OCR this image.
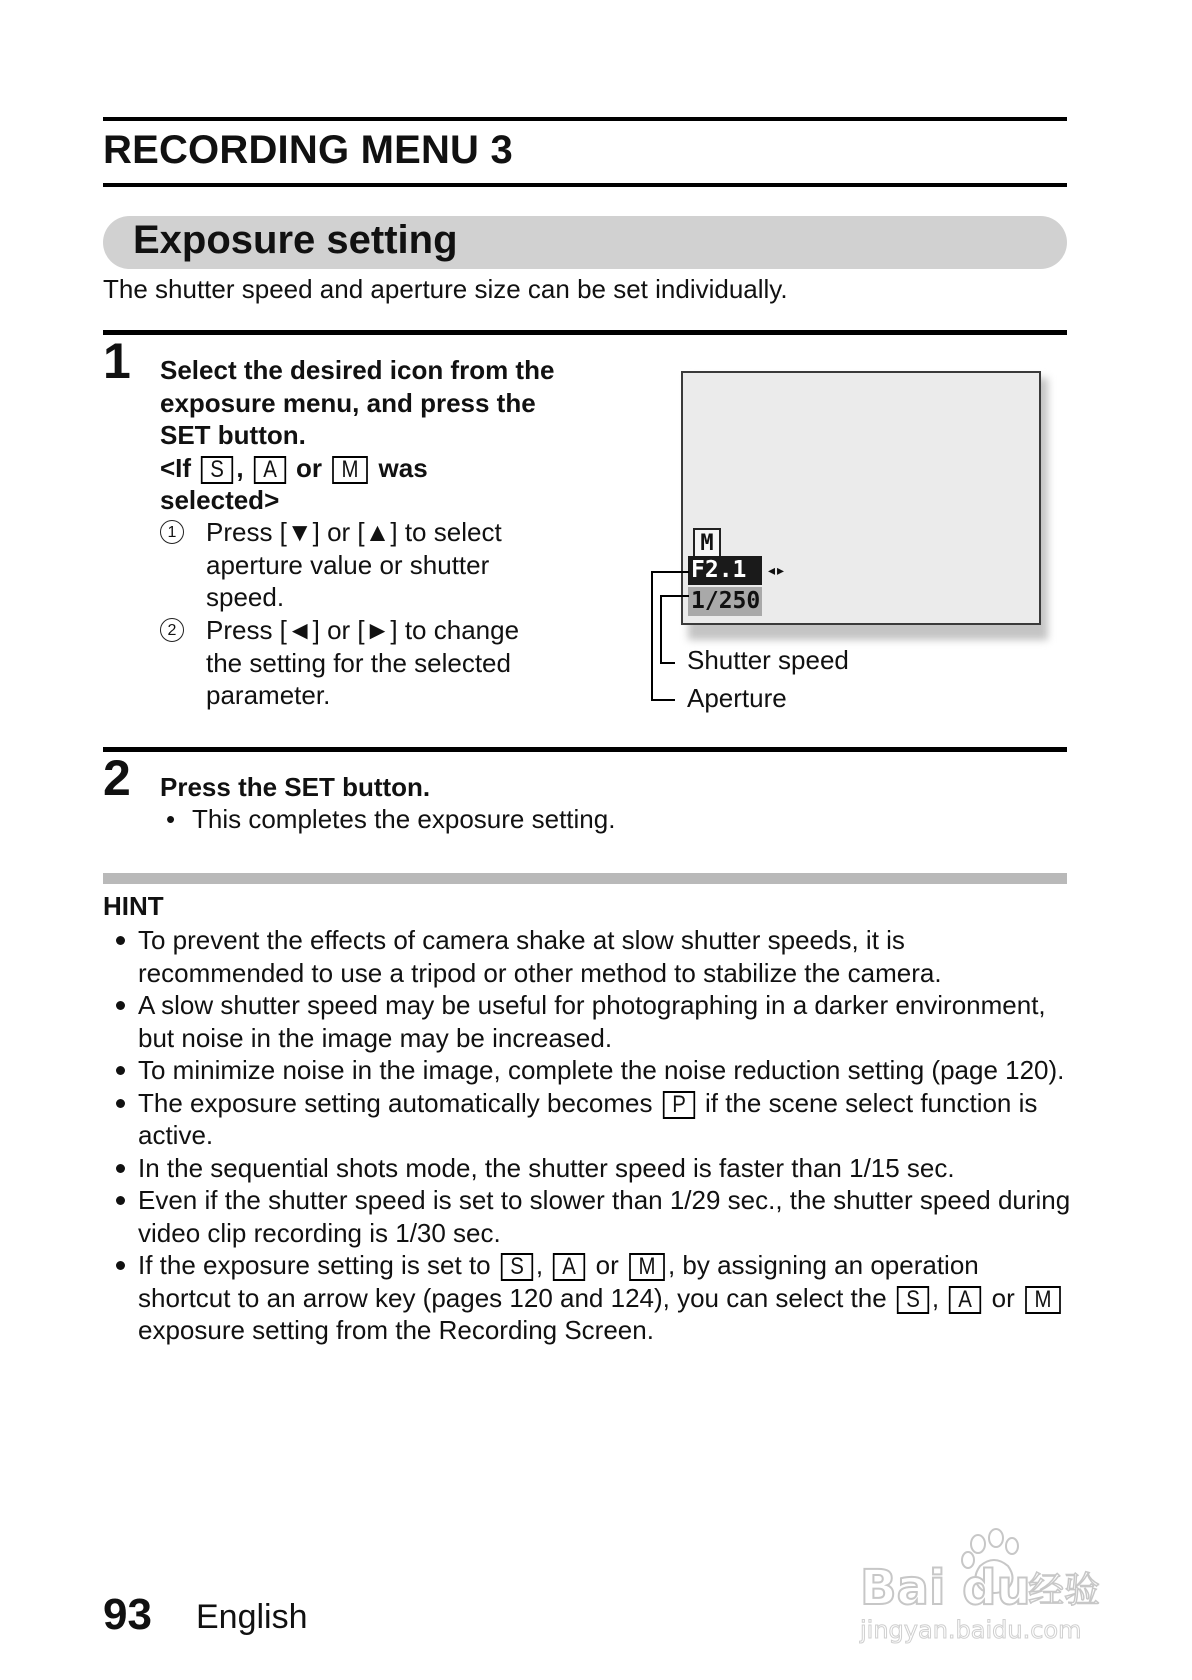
RECORDING MENU 3
Exposure setting
The shutter speed and aperture size can be set individually.
1 Select the desired icon from the
exposure menu, and press the
SET button.
<If S , A or M was
selected>
1 Press [▼] or [▲] to select
aperture value or shutter
speed.
2 Press [◄] or [►] to change
the setting for the selected
parameter.
M
F2.1	◂▸
1/250
Shutter speed
Aperture
2 Press the SET button.
• This completes the exposure setting.
HINT
To prevent the effects of camera shake at slow shutter speeds, it is recommended to use a tripod or other method to stabilize the camera.
A slow shutter speed may be useful for photographing in a darker environment, but noise in the image may be increased.
To minimize noise in the image, complete the noise reduction setting (page 120).
The exposure setting automatically becomes P if the scene select function is active.
In the sequential shots mode, the shutter speed is faster than 1/15 sec.
Even if the shutter speed is set to slower than 1/29 sec., the shutter speed during video clip recording is 1/30 sec.
If the exposure setting is set to S , A or M , by assigning an operation shortcut to an arrow key (pages 120 and 124), you can select the S , A or M exposure setting from the Recording Screen.
93 English
Bai du
经验
jingyan.baidu.com
